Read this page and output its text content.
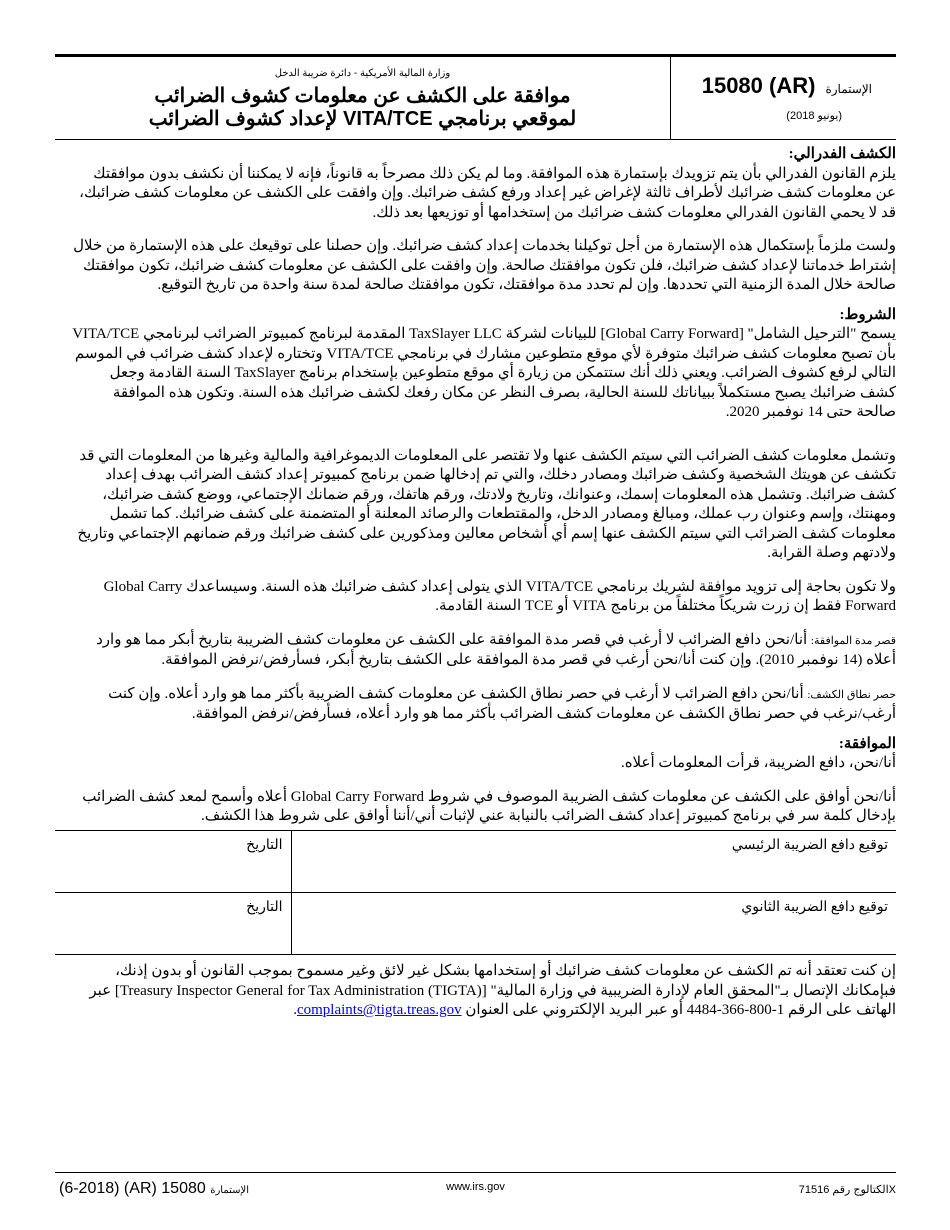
الإستمارة (AR) 15080
(يونيو 2018)
وزارة المالية الأمريكية - دائرة ضريبة الدخل
موافقة على الكشف عن معلومات كشوف الضرائب
لموقعي برنامجي VITA/TCE لإعداد كشوف الضرائب

الكشف الفدرالي:

يلزم القانون الفدرالي بأن يتم تزويدك بإستمارة هذه الموافقة. وما لم يكن ذلك مصرحاً به قانوناً، فإنه لا يمكننا أن نكشف بدون موافقتك عن معلومات كشف ضرائبك لأطراف ثالثة لإغراض غير إعداد ورفع كشف ضرائبك. وإن وافقت على الكشف عن معلومات كشف ضرائبك، قد لا يحمي القانون الفدرالي معلومات كشف ضرائبك من إستخدامها أو توزيعها بعد ذلك.

ولست ملزماً بإستكمال هذه الإستمارة من أجل توكيلنا بخدمات إعداد كشف ضرائبك. وإن حصلنا على توقيعك على هذه الإستمارة من خلال إشتراط خدماتنا لإعداد كشف ضرائبك، فلن تكون موافقتك صالحة. وإن وافقت على الكشف عن معلومات كشف ضرائبك، تكون موافقتك صالحة خلال المدة الزمنية التي تحددها. وإن لم تحدد مدة موافقتك، تكون موافقتك صالحة لمدة سنة واحدة من تاريخ التوقيع.

الشروط:

يسمح "الترحيل الشامل" [Global Carry Forward] للبيانات لشركة TaxSlayer LLC المقدمة لبرنامج كمبيوتر الضرائب لبرنامجي VITA/TCE بأن تصبح معلومات كشف ضرائبك متوفرة لأي موقع متطوعين مشارك في برنامجي VITA/TCE وتختاره لإعداد كشف ضرائب في الموسم التالي لرفع كشوف الضرائب. ويعني ذلك أنك ستتمكن من زيارة أي موقع متطوعين بإستخدام برنامج TaxSlayer السنة القادمة وجعل كشف ضرائبك يصبح مستكملاً ببياناتك للسنة الحالية، بصرف النظر عن مكان رفعك لكشف ضرائبك هذه السنة. وتكون هذه الموافقة صالحة حتى 14 نوفمبر 2020.

وتشمل معلومات كشف الضرائب التي سيتم الكشف عنها ولا تقتصر على المعلومات الديموغرافية والمالية وغيرها من المعلومات التي قد تكشف عن هويتك الشخصية وكشف ضرائبك ومصادر دخلك، والتي تم إدخالها ضمن برنامج كمبيوتر إعداد كشف الضرائب بهدف إعداد كشف ضرائبك. وتشمل هذه المعلومات إسمك، وعنوانك، وتاريخ ولادتك، ورقم هاتفك، ورقم ضمانك الإجتماعي، ووضع كشف ضرائبك، ومهنتك، وإسم وعنوان رب عملك، ومبالغ ومصادر الدخل، والمقتطعات والرصائد المعلنة أو المتضمنة على كشف ضرائبك. كما تشمل معلومات كشف الضرائب التي سيتم الكشف عنها إسم أي أشخاص معالين ومذكورين على كشف ضرائبك ورقم ضمانهم الإجتماعي وتاريخ ولادتهم وصلة القرابة.

ولا تكون بحاجة إلى تزويد موافقة لشريك برنامجي VITA/TCE الذي يتولى إعداد كشف ضرائبك هذه السنة. وسيساعدك Global Carry Forward فقط إن زرت شريكاً مختلفاً من برنامج VITA أو TCE السنة القادمة.

قصر مدة الموافقة: أنا/نحن دافع الضرائب لا أرغب في قصر مدة الموافقة على الكشف عن معلومات كشف الضريبة بتاريخ أبكر مما هو وارد أعلاه (14 نوفمبر 2010). وإن كنت أنا/نحن أرغب في قصر مدة الموافقة على الكشف بتاريخ أبكر، فسأرفض/نرفض الموافقة.

حصر نطاق الكشف: أنا/نحن دافع الضرائب لا أرغب في حصر نطاق الكشف عن معلومات كشف الضريبة بأكثر مما هو وارد أعلاه. وإن كنت أرغب/نرغب في حصر نطاق الكشف عن معلومات كشف الضرائب بأكثر مما هو وارد أعلاه، فسأرفض/نرفض الموافقة.

الموافقة:

أنا/نحن، دافع الضريبة، قرأت المعلومات أعلاه.

أنا/نحن أوافق على الكشف عن معلومات كشف الضريبة الموصوف في شروط Global Carry Forward أعلاه وأسمح لمعد كشف الضرائب بإدخال كلمة سر في برنامج كمبيوتر إعداد كشف الضرائب بالنيابة عني لإثبات أني/أننا أوافق على شروط هذا الكشف.

التاريخ	توقيع دافع الضريبة الرئيسي
التاريخ	توقيع دافع الضريبة الثانوي
إن كنت تعتقد أنه تم الكشف عن معلومات كشف ضرائبك أو إستخدامها بشكل غير لائق وغير مسموح بموجب القانون أو بدون إذنك، فبإمكانك الإتصال بـ"المحقق العام لإدارة الضريبية في وزارة المالية" [Treasury Inspector General for Tax Administration (TIGTA)] عبر الهاتف على الرقم 1-800-366-4484 أو عبر البريد الإلكتروني على العنوان complaints@tigta.treas.gov.
الكتالوج رقم 71516X
www.irs.gov
الإستمارة 15080 (AR) (6-2018)
